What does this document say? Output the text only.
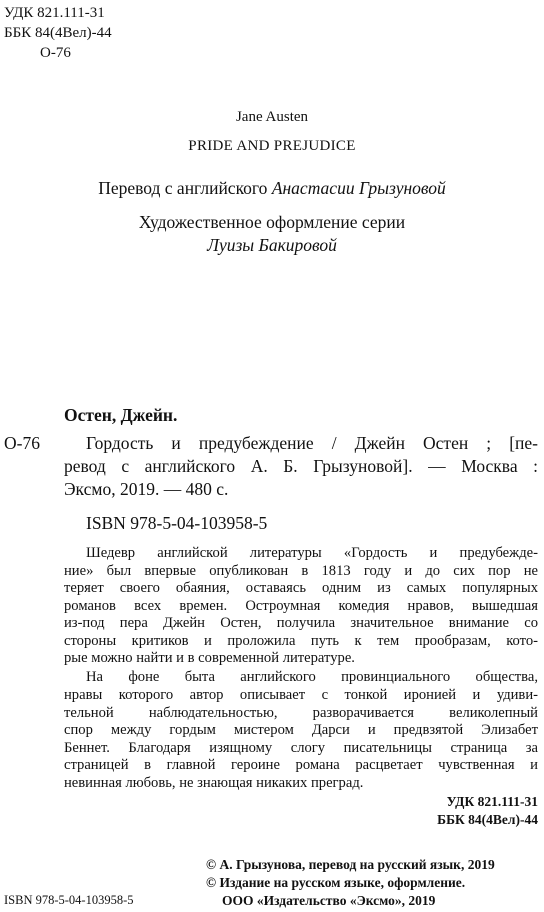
УДК 821.111-31
ББК 84(4Вел)-44
О-76
Jane Austen
PRIDE AND PREJUDICE
Перевод с английского Анастасии Грызуновой
Художественное оформление серии
Луизы Бакировой
Остен, Джейн.
О-76	Гордость и предубеждение / Джейн Остен ; [пе-
ревод с английского А. Б. Грызуновой]. — Москва :
Эксмо, 2019. — 480 с.
ISBN 978-5-04-103958-5
Шедевр английской литературы «Гордость и предубежде-
ние» был впервые опубликован в 1813 году и до сих пор не
теряет своего обаяния, оставаясь одним из самых популярных
романов всех времен. Остроумная комедия нравов, вышедшая
из-под пера Джейн Остен, получила значительное внимание со
стороны критиков и проложила путь к тем прообразам, кото-
рые можно найти и в современной литературе.
На фоне быта английского провинциального общества,
нравы которого автор описывает с тонкой иронией и удиви-
тельной наблюдательностью, разворачивается великолепный
спор между гордым мистером Дарси и предвзятой Элизабет
Беннет. Благодаря изящному слогу писательницы страница за
страницей в главной героине романа расцветает чувственная и
невинная любовь, не знающая никаких преград.
УДК 821.111-31
ББК 84(4Вел)-44
© А. Грызунова, перевод на русский язык, 2019
© Издание на русском языке, оформление.
ООО «Издательство «Эксмо», 2019
ISBN 978-5-04-103958-5
